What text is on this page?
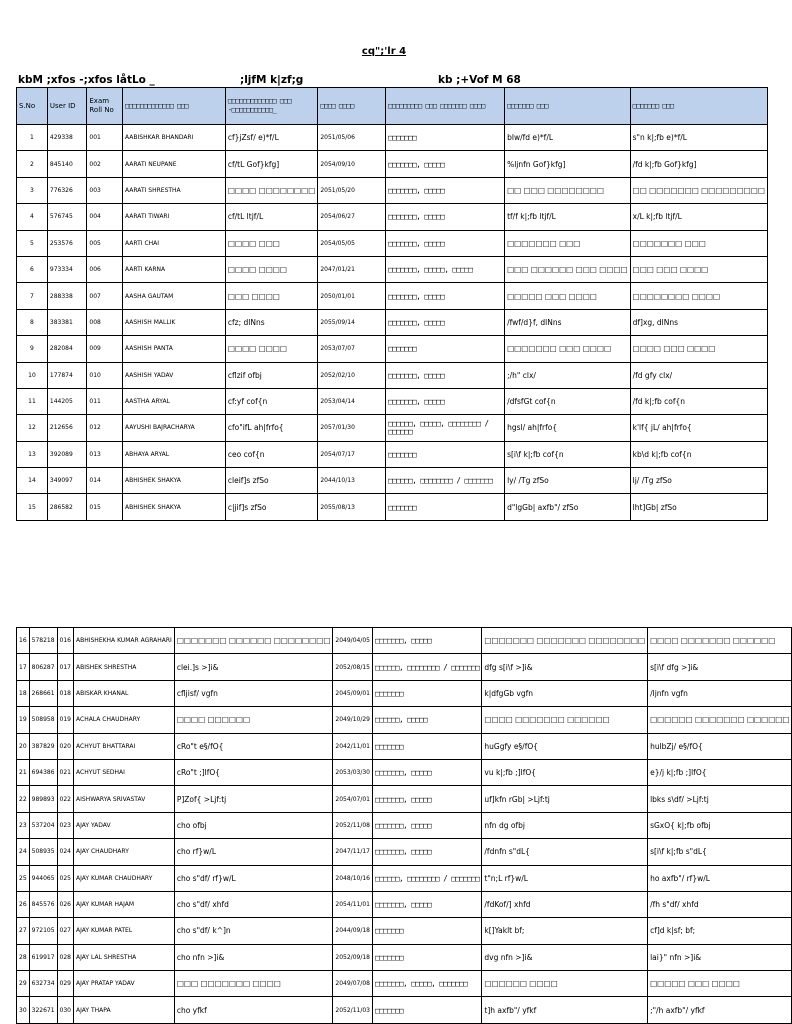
cq";'lr 4
kbM ;xfos -;xfos låtLo _	;ljfM k|zf;g	kb ;+Vof M 68
S.No	User ID	Exam Roll No	□□□□□□□□□□□□□ □□□	□□□□□□□□□□□□□ □□□ -□□□□□□□□□□□_	□□□□ □□□□	□□□□□□□□□ □□□ □□□□□□□ □□□□	□□□□□□□ □□□	□□□□□□□ □□□
1	429338	001	AABISHKAR BHANDARI	cf}jZsf/ e)*f/L	2051/05/06	□□□□□□□	blw/fd e)*f/L	s"n k|;fb e)*f/L
2	845140	002	AARATI NEUPANE	cf/tL Gof}kfg]	2054/09/10	□□□□□□□, □□□□□	%ljnfn Gof}kfg]	/fd k|;fb Gof}kfg]
3	776326	003	AARATI SHRESTHA	□□□□ □□□□□□□□	2051/05/20	□□□□□□□, □□□□□	□□ □□□ □□□□□□□□	□□ □□□□□□□ □□□□□□□□□
4	576745	004	AARATI TIWARI	cf/tL ltjf/L	2054/06/27	□□□□□□□, □□□□□	tf/f k|;fb ltjf/L	x/L k|;fb ltjf/L
5	253576	005	AARTI CHAI	□□□□ □□□	2054/05/05	□□□□□□□, □□□□□	□□□□□□□ □□□	□□□□□□□ □□□
6	973334	006	AARTI KARNA	□□□□ □□□□	2047/01/21	□□□□□□□, □□□□□, □□□□□	□□□ □□□□□□ □□□ □□□□	□□□ □□□ □□□□
7	288338	007	AASHA GAUTAM	□□□ □□□□	2050/01/01	□□□□□□□, □□□□□	□□□□□ □□□ □□□□	□□□□□□□□ □□□□
8	383381	008	AASHISH MALLIK	cfz; dlNns	2055/09/14	□□□□□□□, □□□□□	/fwf/d}f, dlNns	df]xg, dlNns
9	282084	009	AASHISH PANTA	□□□□ □□□□	2053/07/07	□□□□□□□	□□□□□□□ □□□ □□□□	□□□□ □□□ □□□□
10	177874	010	AASHISH YADAV	cflzif ofbj	2052/02/10	□□□□□□□, □□□□□	;/h" clx/	/fd gfy clx/
11	144205	011	AASTHA ARYAL	cf:yf cof{n	2053/04/14	□□□□□□□, □□□□□	/dfsfGt cof{n	/fd k|;fb cof{n
12	212656	012	AAYUSHI BAJRACHARYA	cfo"ifL ah|frfo{	2057/01/30	□□□□□□, □□□□□, □□□□□□□□ / □□□□□□	hgsl/ ah|frfo{	k'lf{ jL/ ah|frfo{
13	392089	013	ABHAYA ARYAL	ceo cof{n	2054/07/17	□□□□□□□	s[i\f k|;fb cof{n	kb\d k|;fb cof{n
14	349097	014	ABHISHEK SHAKYA	cleif]s zfSo	2044/10/13	□□□□□□, □□□□□□□□ / □□□□□□□	ly/ /Tg zfSo	lj/ /Tg zfSo
15	286582	015	ABHISHEK SHAKYA	c|jif]s zfSo	2055/08/13	□□□□□□□	d"lgGb| axfb"/ zfSo	lht]Gb| zfSo
16	578218	016	ABHISHEKHA KUMAR AGRAHARI	□□□□□□□ □□□□□□ □□□□□□□□	2049/04/05	□□□□□□□, □□□□□	□□□□□□□ □□□□□□□ □□□□□□□□	□□□□ □□□□□□□ □□□□□□
17	806287	017	ABISHEK SHRESTHA	clei.]s >]i&	2052/08/15	□□□□□□, □□□□□□□□ / □□□□□□□	dfg s[i\f >]i&	s[i\f dfg >]i&
18	268661	018	ABISKAR KHANAL	cfljisf/ vgfn	2045/09/01	□□□□□□□	k|dfgGb vgfn	/ljnfn vgfn
19	508958	019	ACHALA CHAUDHARY	□□□□ □□□□□□	2049/10/29	□□□□□□, □□□□□	□□□□ □□□□□□□ □□□□□□	□□□□□□ □□□□□□□ □□□□□□
20	387829	020	ACHYUT BHATTARAI	cRo"t e§/fO{	2042/11/01	□□□□□□□	huGgfy e§/fO{	hulbZj/ e§/fO{
21	694386	021	ACHYUT SEDHAI	cRo"t ;]lfO{	2053/03/30	□□□□□□□, □□□□□	vu k|;fb ;]lfO{	e}/j k|;fb ;]lfO{
22	989893	022	AISHWARYA SRIVASTAV	P]Zof{ >Ljf:tj	2054/07/01	□□□□□□□, □□□□□	uf]kfn rGb| >Ljf:tj	lbks s\df/ >Ljf:tj
23	537204	023	AJAY YADAV	cho ofbj	2052/11/08	□□□□□□□, □□□□□	nfn dg ofbj	sGxO{ k|;fb ofbj
24	508935	024	AJAY CHAUDHARY	cho rf}w/L	2047/11/17	□□□□□□□, □□□□□	/fdnfn s"dL{	s[i\f k|;fb s"dL{
25	944065	025	AJAY KUMAR CHAUDHARY	cho s"df/ rf}w/L	2048/10/16	□□□□□□, □□□□□□□□ / □□□□□□□	t"n;L rf}w/L	ho axfb"/ rf}w/L
26	845576	026	AJAY KUMAR HAJAM	cho s"df/ xhfd	2054/11/01	□□□□□□□, □□□□□	/fdKof/] xhfd	/fh s"df/ xhfd
27	972105	027	AJAY KUMAR PATEL	cho s"df/ k^]n	2044/09/18	□□□□□□□	k[]Yaklt bf;	cf]d k|sf; bf;
28	619917	028	AJAY LAL SHRESTHA	cho nfn >]i&	2052/09/18	□□□□□□□	dvg nfn >]i&	lai}" nfn >]i&
29	632734	029	AJAY PRATAP YADAV	□□□ □□□□□□□ □□□□	2049/07/08	□□□□□□□, □□□□□, □□□□□□□	□□□□□□ □□□□	□□□□□ □□□ □□□□
30	322671	030	AJAY THAPA	cho yfkf	2052/11/03	□□□□□□□	t]h axfb"/ yfkf	;"/h axfb"/ yfkf
